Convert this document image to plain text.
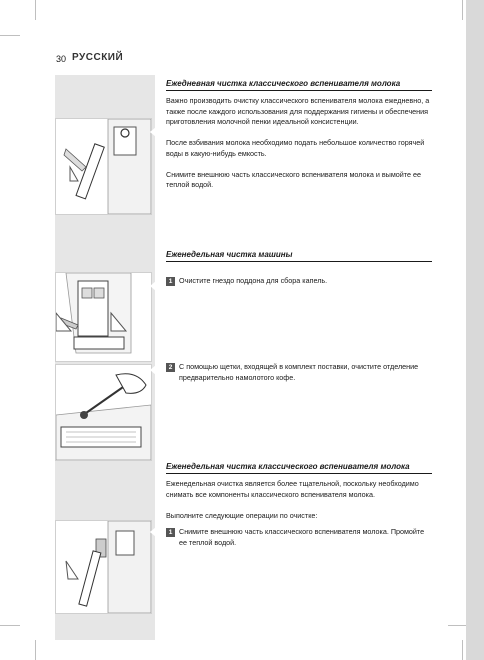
30 РУССКИЙ
Ежедневная чистка классического вспенивателя молока

Важно производить очистку классического вспенивателя молока ежедневно, а также после каждого использования для поддержания гигиены и обеспечения приготовления молочной пенки идеальной консистенции.

После взбивания молока необходимо подать небольшое количество горячей воды в какую-нибудь емкость.

Снимите внешнюю часть классического вспенивателя молока и вымойте ее теплой водой.

Еженедельная чистка машины
1 Очистите гнездо поддона для сбора капель.
2 С помощью щетки, входящей в комплект поставки, очистите отделение предварительно намолотого кофе.
Еженедельная чистка классического вспенивателя молока

Еженедельная очистка является более тщательной, поскольку необходимо снимать все компоненты классического вспенивателя молока.

Выполните следующие операции по очистке:

1 Снимите внешнюю часть классического вспенивателя молока. Промойте ее теплой водой.
